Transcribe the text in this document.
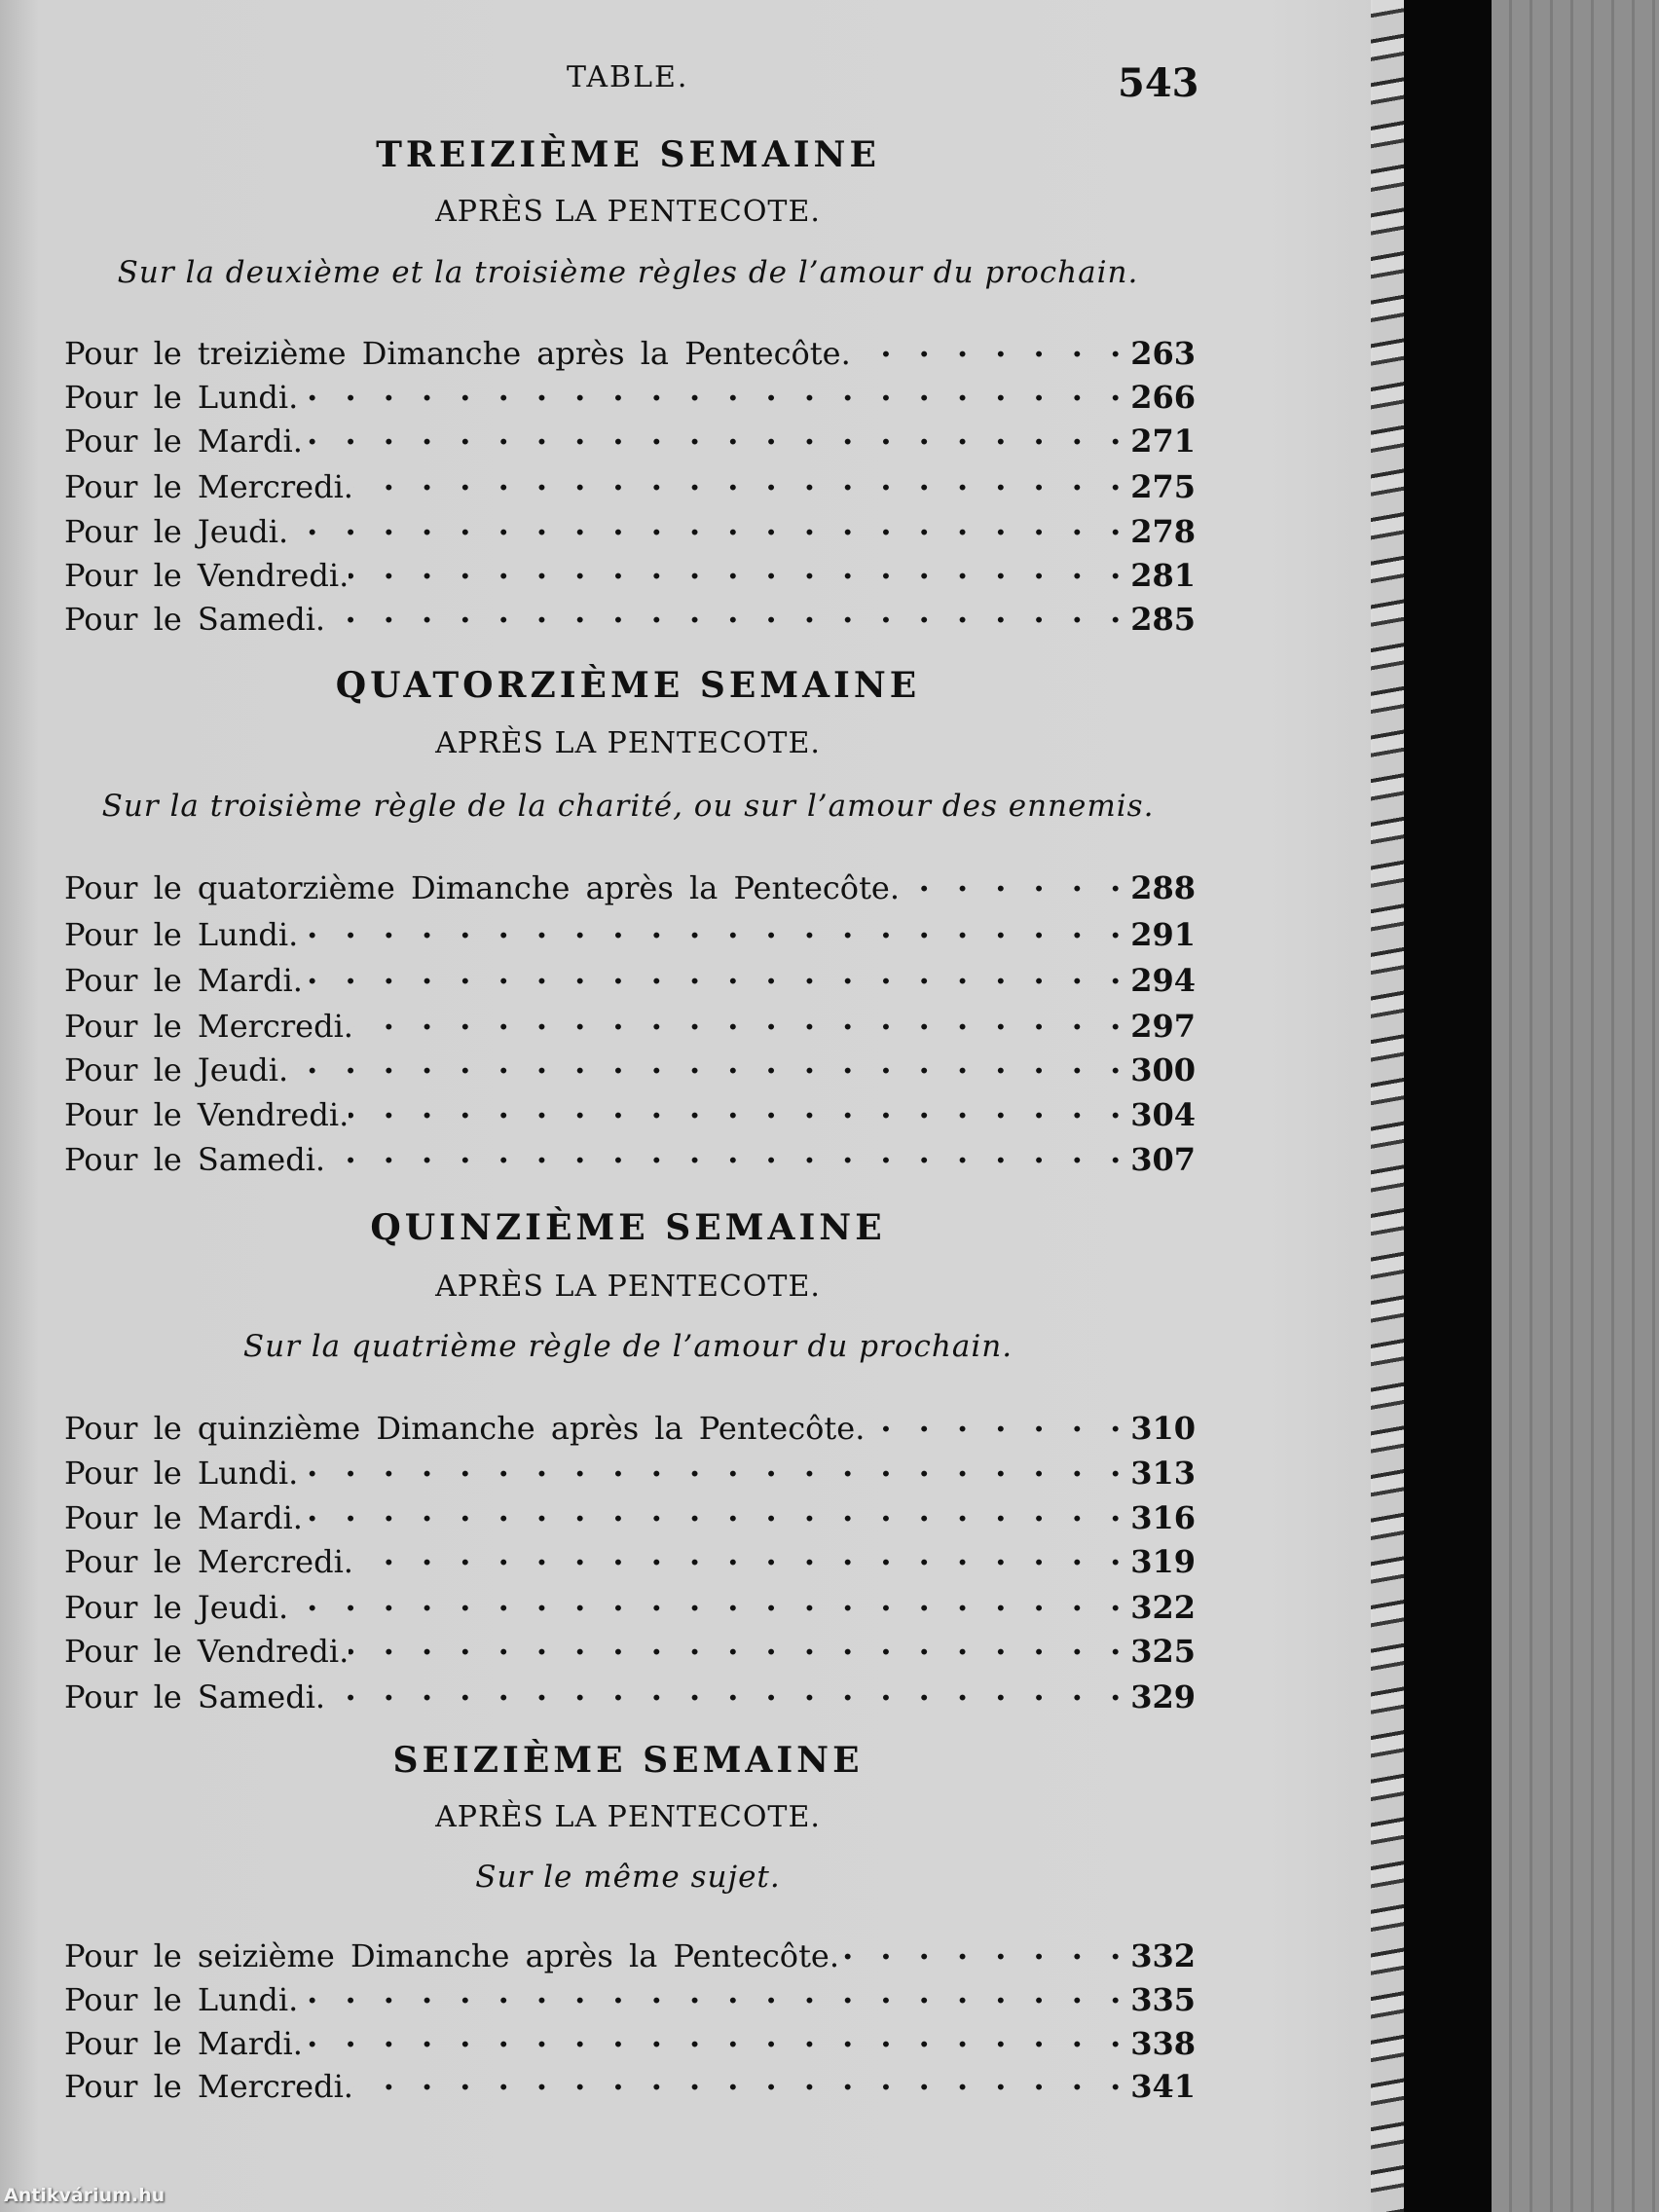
TABLE.	543
TREIZIÈME SEMAINE
APRÈS LA PENTECOTE.
Sur la deuxième et la troisième règles de l’amour du prochain.
Pour le treizième Dimanche après la Pentecôte. . . .	263
Pour le Lundi. . . .	266
Pour le Mardi. . . .	271
Pour le Mercredi. . . .	275
Pour le Jeudi. . . .	278
Pour le Vendredi. . . .	281
Pour le Samedi. . . .	285
QUATORZIÈME SEMAINE
APRÈS LA PENTECOTE.
Sur la troisième règle de la charité, ou sur l’amour des ennemis.
Pour le quatorzième Dimanche après la Pentecôte. . . .	288
Pour le Lundi. . . .	291
Pour le Mardi. . . .	294
Pour le Mercredi. . . .	297
Pour le Jeudi. . . .	300
Pour le Vendredi. . . .	304
Pour le Samedi. . . .	307
QUINZIÈME SEMAINE
APRÈS LA PENTECOTE.
Sur la quatrième règle de l’amour du prochain.
Pour le quinzième Dimanche après la Pentecôte. . . .	310
Pour le Lundi. . . .	313
Pour le Mardi. . . .	316
Pour le Mercredi. . . .	319
Pour le Jeudi. . . .	322
Pour le Vendredi. . . .	325
Pour le Samedi. . . .	329
SEIZIÈME SEMAINE
APRÈS LA PENTECOTE.
Sur le même sujet.
Pour le seizième Dimanche après la Pentecôte. . . .	332
Pour le Lundi. . . .	335
Pour le Mardi. . . .	338
Pour le Mercredi. . . .	341
Antikvárium.hu
